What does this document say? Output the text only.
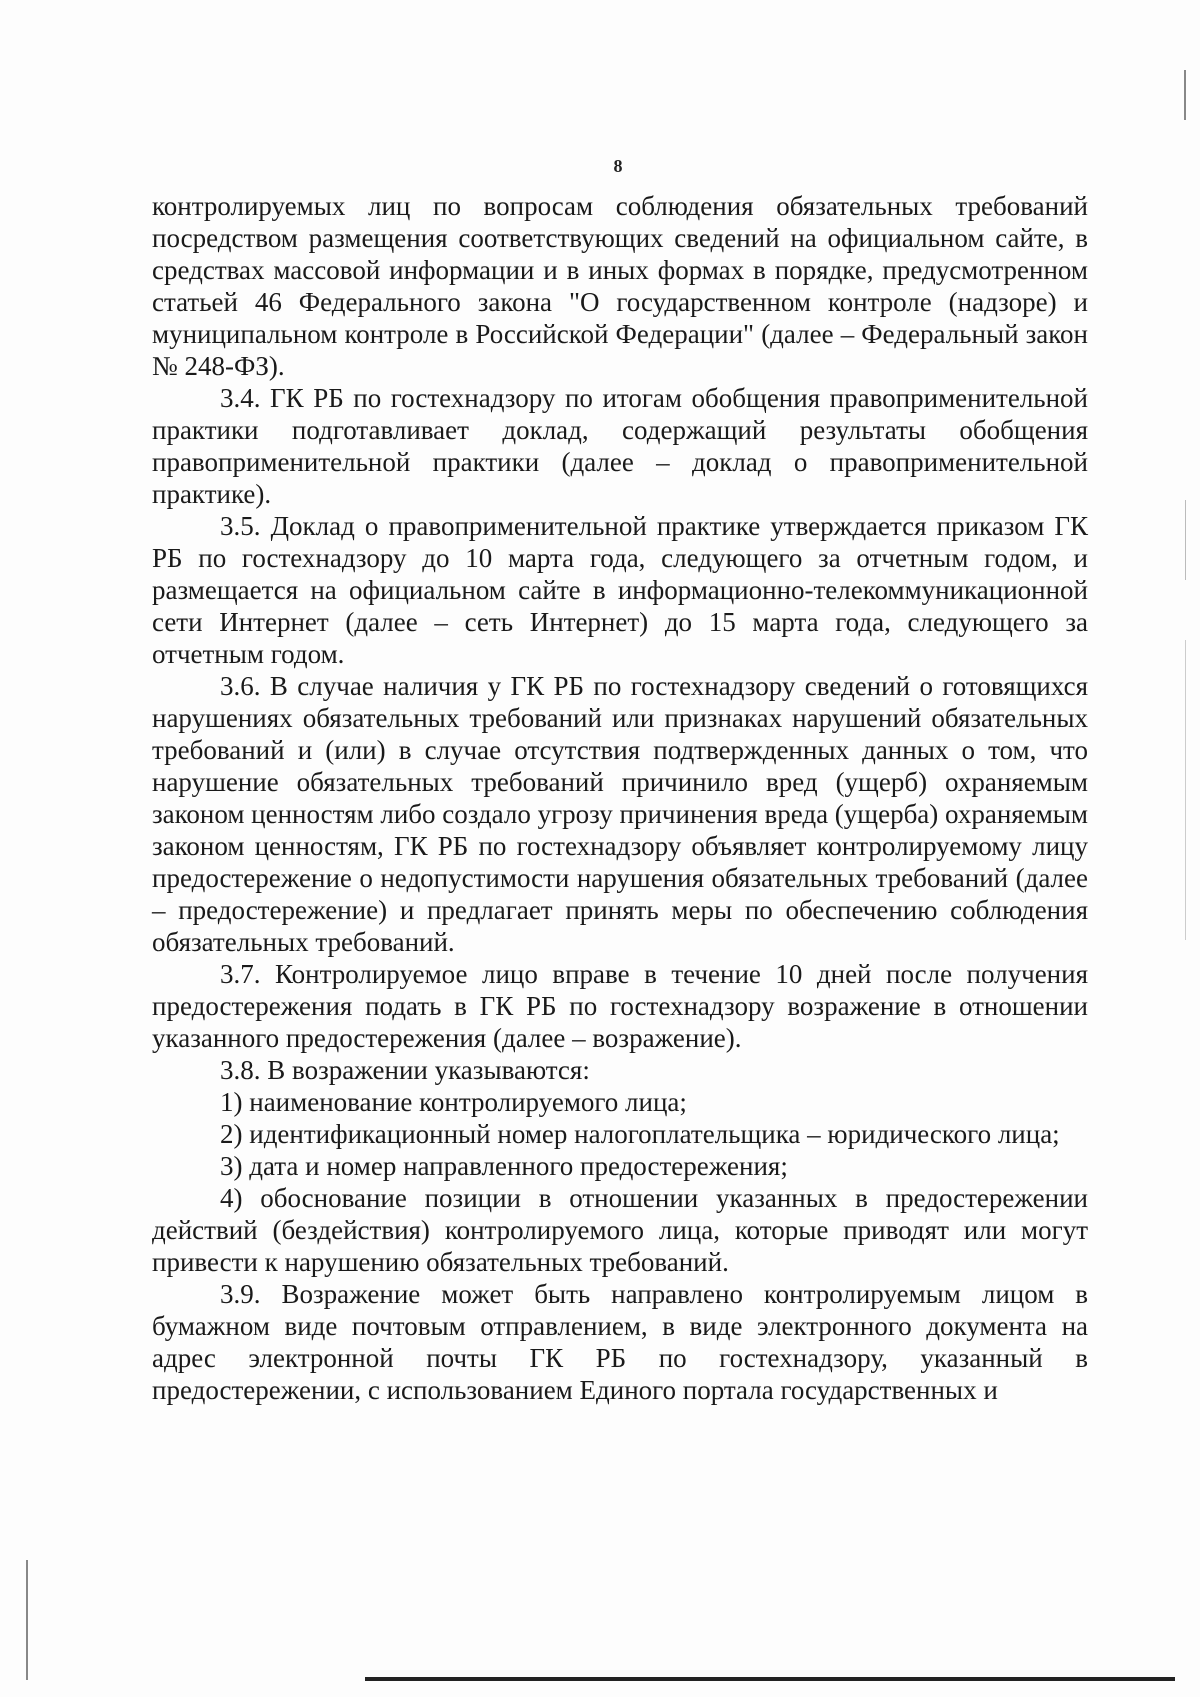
8

контролируемых лиц по вопросам соблюдения обязательных требований посредством размещения соответствующих сведений на официальном сайте, в средствах массовой информации и в иных формах в порядке, предусмотренном статьей 46 Федерального закона "О государственном контроле (надзоре) и муниципальном контроле в Российской Федерации" (далее – Федеральный закон № 248-ФЗ).

3.4. ГК РБ по гостехнадзору по итогам обобщения правоприменительной практики подготавливает доклад, содержащий результаты обобщения правоприменительной практики (далее – доклад о правоприменительной практике).

3.5. Доклад о правоприменительной практике утверждается приказом ГК РБ по гостехнадзору до 10 марта года, следующего за отчетным годом, и размещается на официальном сайте в информационно-телекоммуникационной сети Интернет (далее – сеть Интернет) до 15 марта года, следующего за отчетным годом.

3.6. В случае наличия у ГК РБ по гостехнадзору сведений о готовящихся нарушениях обязательных требований или признаках нарушений обязательных требований и (или) в случае отсутствия подтвержденных данных о том, что нарушение обязательных требований причинило вред (ущерб) охраняемым законом ценностям либо создало угрозу причинения вреда (ущерба) охраняемым законом ценностям, ГК РБ по гостехнадзору объявляет контролируемому лицу предостережение о недопустимости нарушения обязательных требований (далее – предостережение) и предлагает принять меры по обеспечению соблюдения обязательных требований.

3.7. Контролируемое лицо вправе в течение 10 дней после получения предостережения подать в ГК РБ по гостехнадзору возражение в отношении указанного предостережения (далее – возражение).

3.8. В возражении указываются:

1) наименование контролируемого лица;

2) идентификационный номер налогоплательщика – юридического лица;

3) дата и номер направленного предостережения;

4) обоснование позиции в отношении указанных в предостережении действий (бездействия) контролируемого лица, которые приводят или могут привести к нарушению обязательных требований.

3.9. Возражение может быть направлено контролируемым лицом в бумажном виде почтовым отправлением, в виде электронного документа на адрес электронной почты ГК РБ по гостехнадзору, указанный в предостережении, с использованием Единого портала государственных и
